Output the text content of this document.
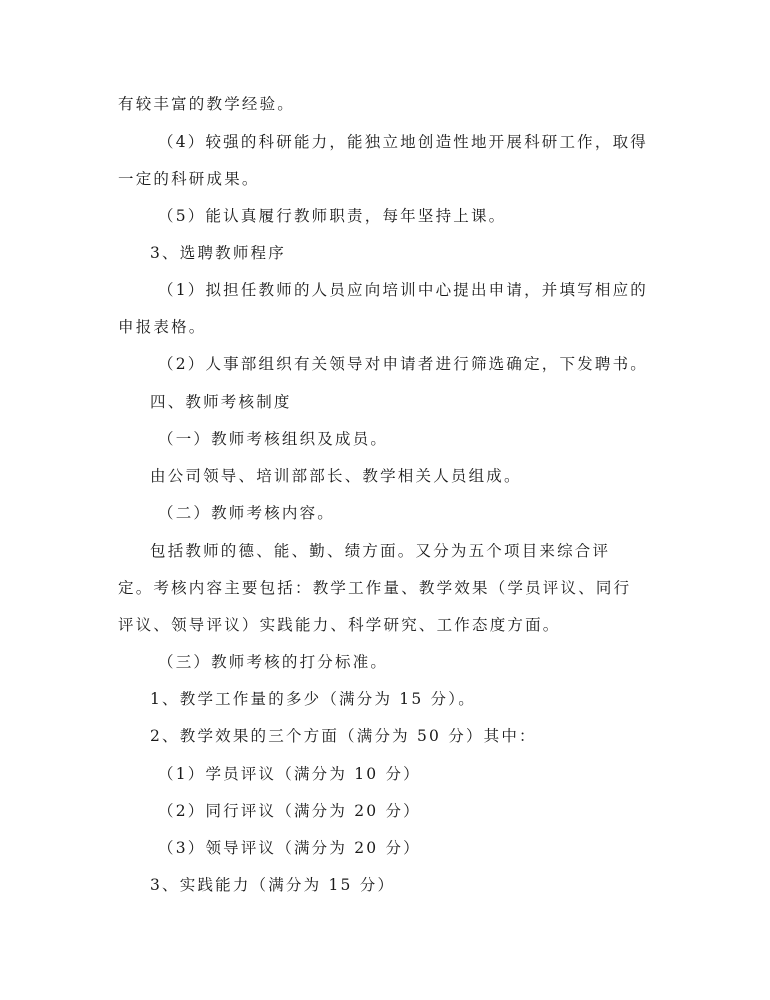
有较丰富的教学经验。
（4）较强的科研能力，能独立地创造性地开展科研工作，取得
一定的科研成果。
（5）能认真履行教师职责，每年坚持上课。
3、选聘教师程序
（1）拟担任教师的人员应向培训中心提出申请，并填写相应的
申报表格。
（2）人事部组织有关领导对申请者进行筛选确定，下发聘书。
四、教师考核制度
（一）教师考核组织及成员。
由公司领导、培训部部长、教学相关人员组成。
（二）教师考核内容。
包括教师的德、能、勤、绩方面。又分为五个项目来综合评
定。考核内容主要包括：教学工作量、教学效果（学员评议、同行
评议、领导评议）实践能力、科学研究、工作态度方面。
（三）教师考核的打分标准。
1、教学工作量的多少（满分为 15 分）。
2、教学效果的三个方面（满分为 50 分）其中：
（1）学员评议（满分为 10 分）
（2）同行评议（满分为 20 分）
（3）领导评议（满分为 20 分）
3、实践能力（满分为 15 分）
